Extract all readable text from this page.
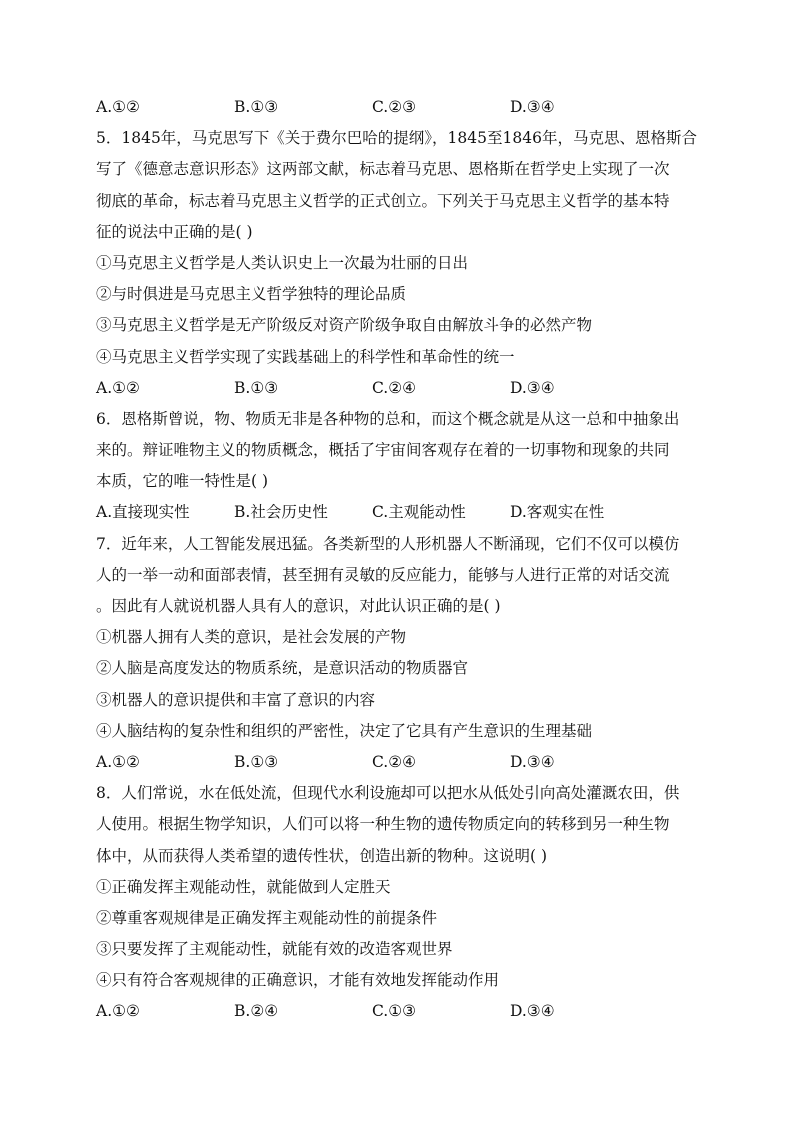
A.①②	B.①③	C.②③	D.③④
5．1845年，马克思写下《关于费尔巴哈的提纲》，1845至1846年，马克思、恩格斯合
写了《德意志意识形态》这两部文献，标志着马克思、恩格斯在哲学史上实现了一次
彻底的革命，标志着马克思主义哲学的正式创立。下列关于马克思主义哲学的基本特
征的说法中正确的是( )
①马克思主义哲学是人类认识史上一次最为壮丽的日出
②与时俱进是马克思主义哲学独特的理论品质
③马克思主义哲学是无产阶级反对资产阶级争取自由解放斗争的必然产物
④马克思主义哲学实现了实践基础上的科学性和革命性的统一
A.①②	B.①③	C.②④	D.③④
6．恩格斯曾说，物、物质无非是各种物的总和，而这个概念就是从这一总和中抽象出
来的。辩证唯物主义的物质概念，概括了宇宙间客观存在着的一切事物和现象的共同
本质，它的唯一特性是( )
A.直接现实性	B.社会历史性	C.主观能动性	D.客观实在性
7．近年来，人工智能发展迅猛。各类新型的人形机器人不断涌现，它们不仅可以模仿
人的一举一动和面部表情，甚至拥有灵敏的反应能力，能够与人进行正常的对话交流
。因此有人就说机器人具有人的意识，对此认识正确的是( )
①机器人拥有人类的意识，是社会发展的产物
②人脑是高度发达的物质系统，是意识活动的物质器官
③机器人的意识提供和丰富了意识的内容
④人脑结构的复杂性和组织的严密性，决定了它具有产生意识的生理基础
A.①②	B.①③	C.②④	D.③④
8．人们常说，水在低处流，但现代水利设施却可以把水从低处引向高处灌溉农田，供
人使用。根据生物学知识，人们可以将一种生物的遗传物质定向的转移到另一种生物
体中，从而获得人类希望的遗传性状，创造出新的物种。这说明( )
①正确发挥主观能动性，就能做到人定胜天
②尊重客观规律是正确发挥主观能动性的前提条件
③只要发挥了主观能动性，就能有效的改造客观世界
④只有符合客观规律的正确意识，才能有效地发挥能动作用
A.①②	B.②④	C.①③	D.③④
